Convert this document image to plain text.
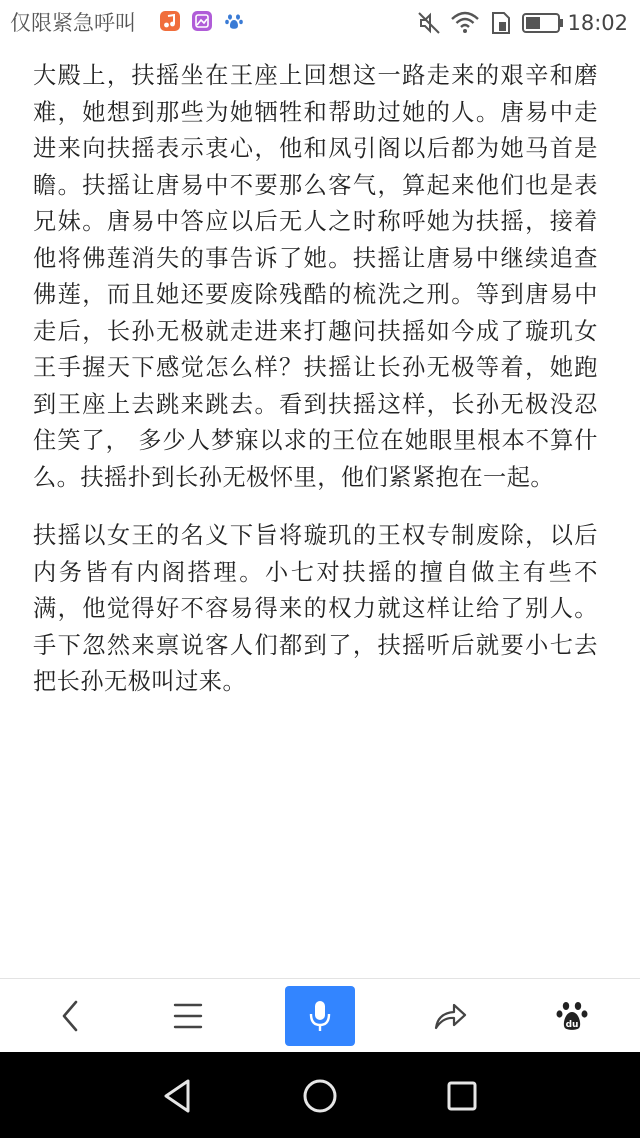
仅限紧急呼叫	18:02

大殿上，扶摇坐在王座上回想这一路走来的艰辛和磨难，她想到那些为她牺牲和帮助过她的人。唐易中走进来向扶摇表示衷心，他和凤引阁以后都为她马首是瞻。扶摇让唐易中不要那么客气，算起来他们也是表兄妹。唐易中答应以后无人之时称呼她为扶摇，接着他将佛莲消失的事告诉了她。扶摇让唐易中继续追查佛莲，而且她还要废除残酷的梳洗之刑。等到唐易中走后，长孙无极就走进来打趣问扶摇如今成了璇玑女王手握天下感觉怎么样？扶摇让长孙无极等着，她跑到王座上去跳来跳去。看到扶摇这样，长孙无极没忍住笑了， 多少人梦寐以求的王位在她眼里根本不算什么。扶摇扑到长孙无极怀里，他们紧紧抱在一起。

扶摇以女王的名义下旨将璇玑的王权专制废除，以后内务皆有内阁搭理。小七对扶摇的擅自做主有些不满，他觉得好不容易得来的权力就这样让给了别人。手下忽然来禀说客人们都到了，扶摇听后就要小七去把长孙无极叫过来。

du
